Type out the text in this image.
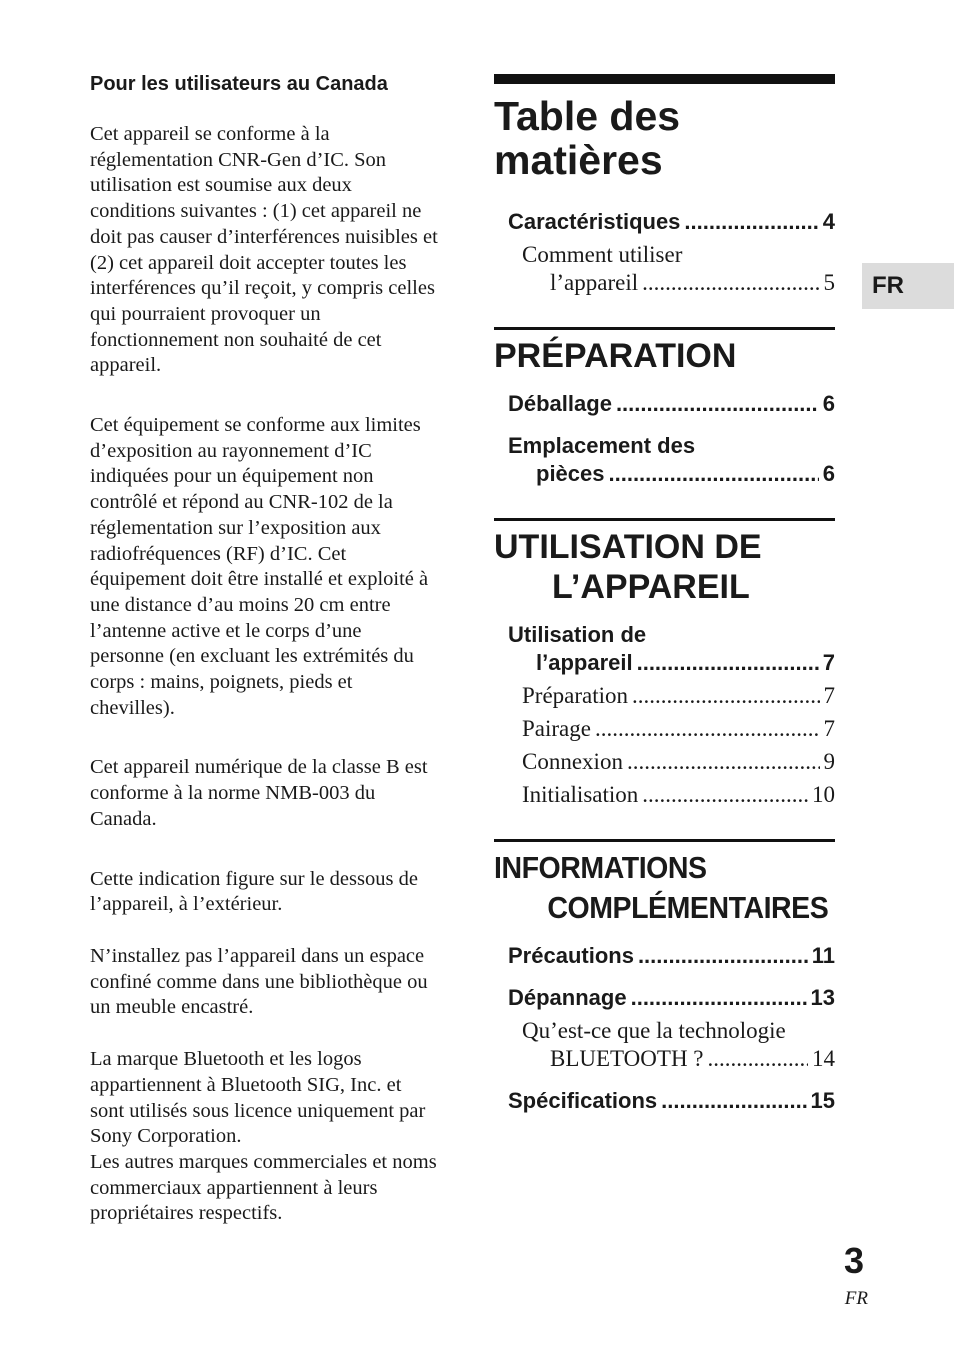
Pour les utilisateurs au Canada

Cet appareil se conforme à la réglementation CNR-Gen d’IC. Son utilisation est soumise aux deux conditions suivantes : (1) cet appareil ne doit pas causer d’interférences nuisibles et (2) cet appareil doit accepter toutes les interférences qu’il reçoit, y compris celles qui pourraient provoquer un fonctionnement non souhaité de cet appareil.

Cet équipement se conforme aux limites d’exposition au rayonnement d’IC indiquées pour un équipement non contrôlé et répond au CNR-102 de la réglementation sur l’exposition aux radiofréquences (RF) d’IC. Cet équipement doit être installé et exploité à une distance d’au moins 20 cm entre l’antenne active et le corps d’une personne (en excluant les extrémités du corps : mains, poignets, pieds et chevilles).

Cet appareil numérique de la classe B est conforme à la norme NMB-003 du Canada.

Cette indication figure sur le dessous de l’appareil, à l’extérieur.

N’installez pas l’appareil dans un espace confiné comme dans une bibliothèque ou un meuble encastré.

La marque Bluetooth et les logos appartiennent à Bluetooth SIG, Inc. et sont utilisés sous licence uniquement par Sony Corporation.

Les autres marques commerciales et noms commerciaux appartiennent à leurs propriétaires respectifs.

Table des
matières
Caractéristiques .....	4
Comment utiliser
l’appareil .....	5
PRÉPARATION
Déballage .....	6
Emplacement des
pièces .....	6
UTILISATION DE
L’APPAREIL
Utilisation de
l’appareil .....	7
Préparation .....	7
Pairage .....	7
Connexion .....	9
Initialisation .....	10
INFORMATIONS
COMPLÉMENTAIRES
Précautions .....	11
Dépannage .....	13
Qu’est-ce que la technologie
BLUETOOTH ? .....	14
Spécifications .....	15
FR
3
FR
